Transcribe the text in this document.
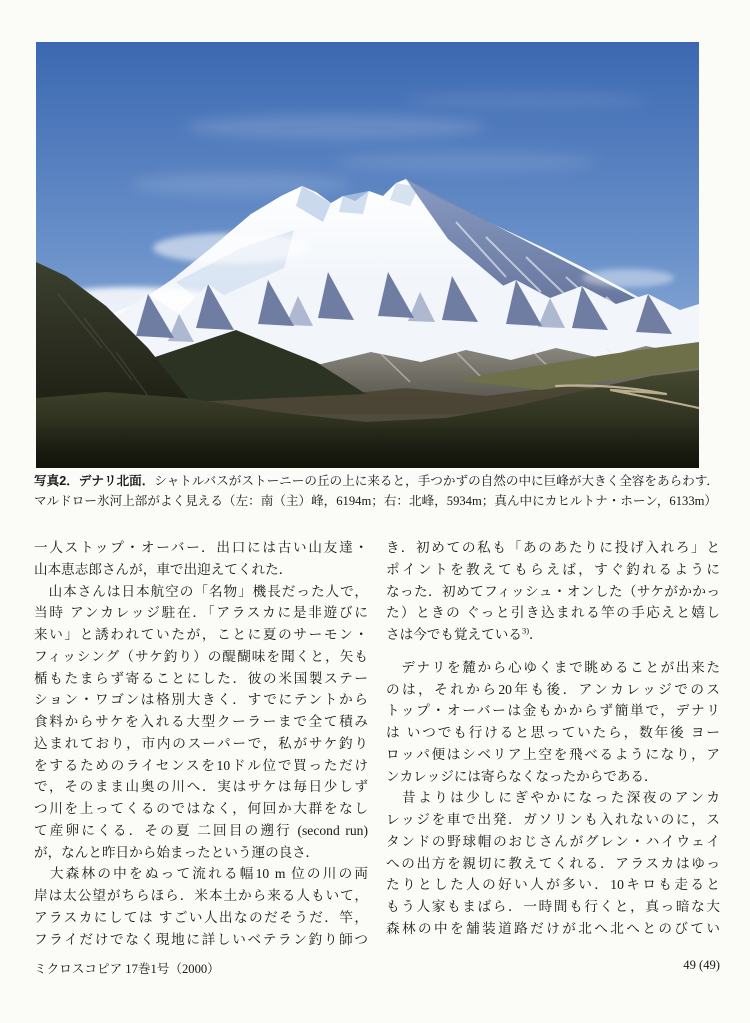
写真2．デナリ北面．シャトルバスがストーニーの丘の上に来ると，手つかずの自然の中に巨峰が大きく全容をあらわす．
マルドロー氷河上部がよく見える（左：南（主）峰，6194m；右：北峰，5934m；真ん中にカヒルトナ・ホーン，6133m）
一人ストップ・オーバー．出口には古い山友達・
山本恵志郎さんが，車で出迎えてくれた．
　山本さんは日本航空の「名物」機長だった人で，
当時 アンカレッジ駐在．「アラスカに是非遊びに
来い」と誘われていたが，ことに夏のサーモン・
フィッシング（サケ釣り）の醍醐味を聞くと，矢も
楯もたまらず寄ることにした．彼の米国製ステー
ション・ワゴンは格別大きく．すでにテントから
食料からサケを入れる大型クーラーまで全て積み
込まれており，市内のスーパーで，私がサケ釣り
をするためのライセンスを10ドル位で買っただけ
で，そのまま山奥の川へ．実はサケは毎日少しず
つ川を上ってくるのではなく，何回か大群をなし
て産卵にくる．その夏 二回目の遡行 (second run)
が，なんと昨日から始まったという運の良さ．
　大森林の中をぬって流れる幅10 m 位の川の両
岸は太公望がちらほら．米本土から来る人もいて，
アラスカにしては すごい人出なのだそうだ．竿，
フライだけでなく現地に詳しいベテラン釣り師つ
き．初めての私も「あのあたりに投げ入れろ」と
ポイントを教えてもらえば，すぐ釣れるように
なった．初めてフィッシュ・オンした（サケがかかっ
た）ときの ぐっと引き込まれる竿の手応えと嬉し
さは今でも覚えている$^{3)}$．
　デナリを麓から心ゆくまで眺めることが出来た
のは，それから20年も後．アンカレッジでのス
トップ・オーバーは金もかからず簡単で，デナリ
は いつでも行けると思っていたら，数年後 ヨー
ロッパ便はシベリア上空を飛べるようになり，ア
ンカレッジには寄らなくなったからである．
　昔よりは少しにぎやかになった深夜のアンカ
レッジを車で出発．ガソリンも入れないのに，ス
タンドの野球帽のおじさんがグレン・ハイウェイ
への出方を親切に教えてくれる．アラスカはゆっ
たりとした人の好い人が多い．10キロも走ると
もう人家もまばら．一時間も行くと，真っ暗な大
森林の中を舗装道路だけが北へ北へとのびてい
ミクロスコピア 17巻1号（2000）	49 (49)
